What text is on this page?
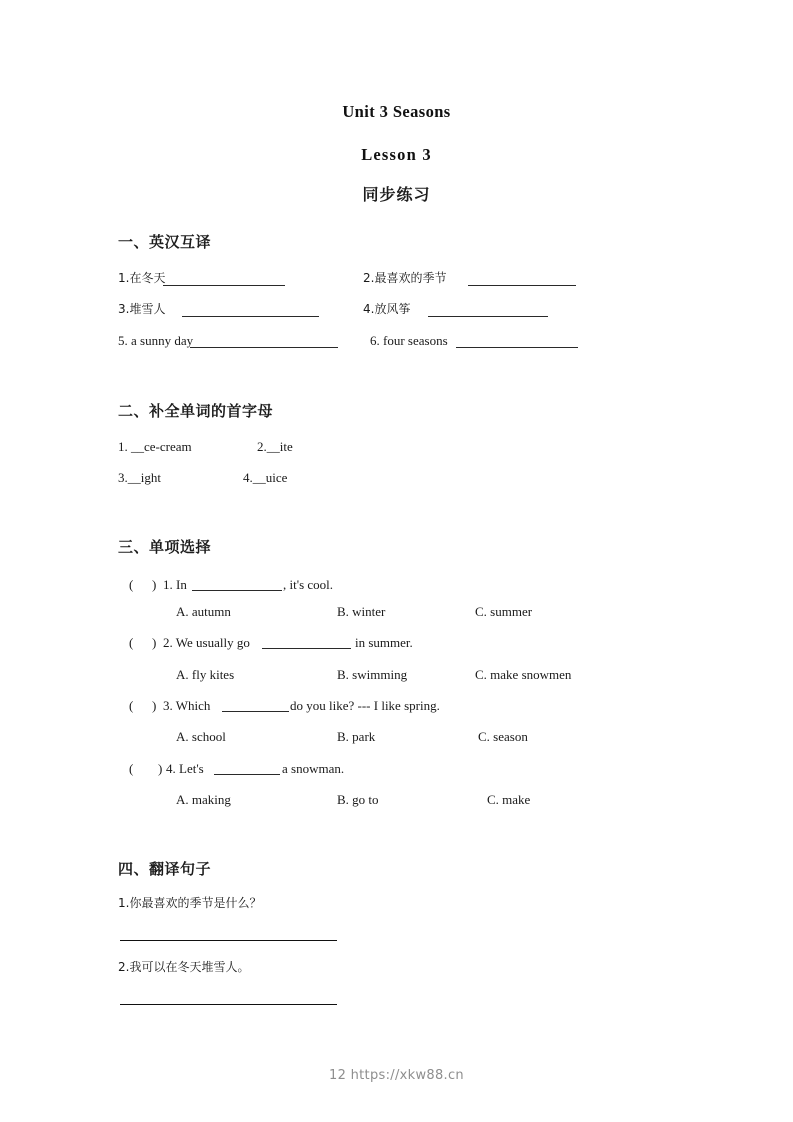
Unit 3 Seasons
Lesson 3
同步练习
一、英汉互译
1.在冬天	2.最喜欢的季节
3.堆雪人	4.放风筝
5. a sunny day	6. four seasons
二、补全单词的首字母
1. __ce-cream	2.__ite
3.__ight	4.__uice
三、单项选择
( ) 1. In	, it's cool.
A. autumn	B. winter	C. summer
( ) 2. We usually go	in summer.
A. fly kites	B. swimming	C. make snowmen
( ) 3. Which	do you like? --- I like spring.
A. school	B. park	C. season
( ) 4. Let's	a snowman.
A. making	B. go to	C. make
四、翻译句子
1.你最喜欢的季节是什么？
2.我可以在冬天堆雪人。
12 https://xkw88.cn
